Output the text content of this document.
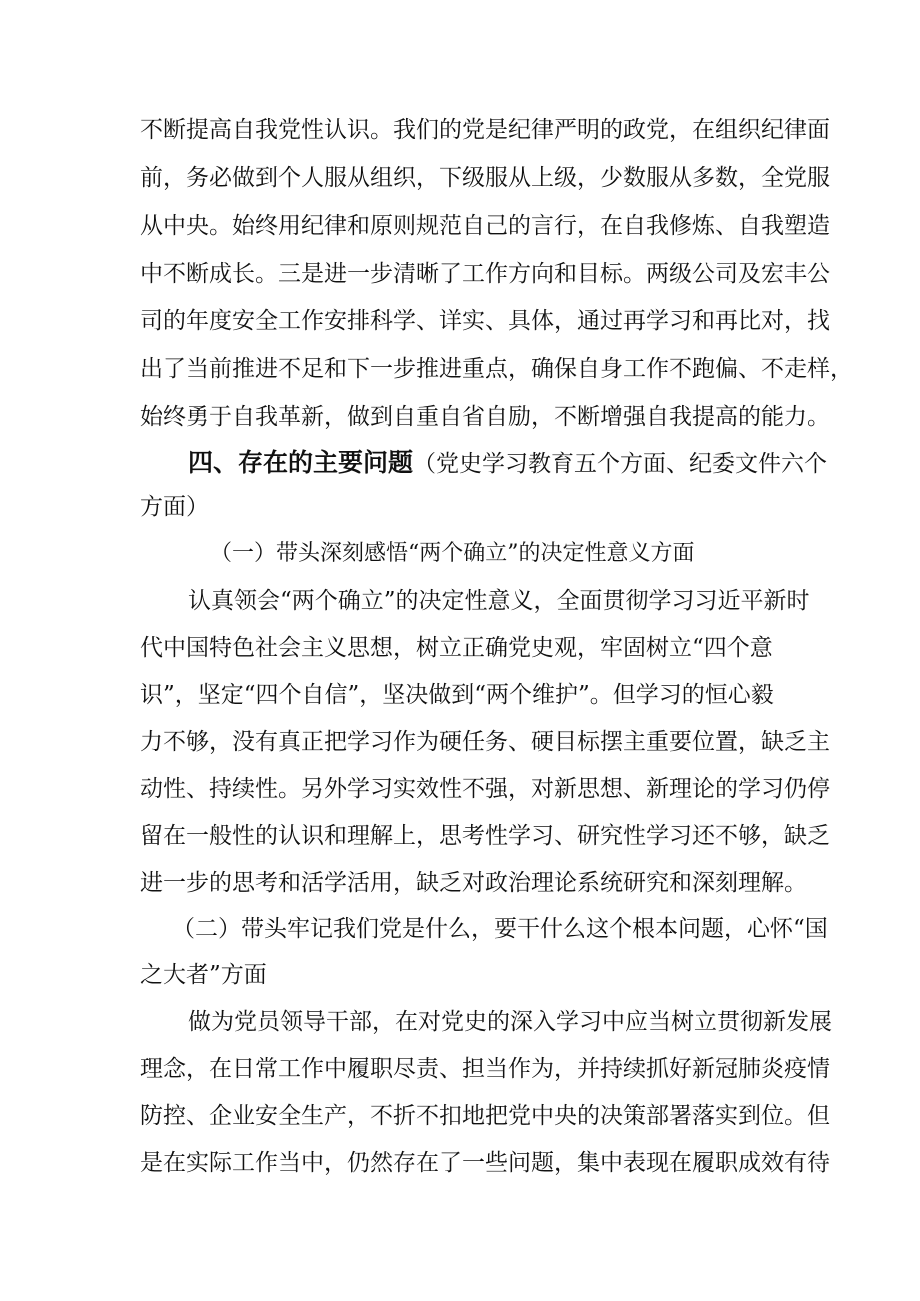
不断提高自我党性认识。我们的党是纪律严明的政党，在组织纪律面
前，务必做到个人服从组织，下级服从上级，少数服从多数，全党服
从中央。始终用纪律和原则规范自己的言行，在自我修炼、自我塑造
中不断成长。三是进一步清晰了工作方向和目标。两级公司及宏丰公
司的年度安全工作安排科学、详实、具体，通过再学习和再比对，找
出了当前推进不足和下一步推进重点，确保自身工作不跑偏、不走样，
始终勇于自我革新，做到自重自省自励，不断增强自我提高的能力。
四、存在的主要问题（党史学习教育五个方面、纪委文件六个
方面）
（一）带头深刻感悟“两个确立”的决定性意义方面
认真领会“两个确立”的决定性意义，全面贯彻学习习近平新时
代中国特色社会主义思想，树立正确党史观，牢固树立“四个意
识”，坚定“四个自信”，坚决做到“两个维护”。但学习的恒心毅
力不够，没有真正把学习作为硬任务、硬目标摆主重要位置，缺乏主
动性、持续性。另外学习实效性不强，对新思想、新理论的学习仍停
留在一般性的认识和理解上，思考性学习、研究性学习还不够，缺乏
进一步的思考和活学活用，缺乏对政治理论系统研究和深刻理解。
（二）带头牢记我们党是什么，要干什么这个根本问题，心怀“国
之大者”方面
做为党员领导干部，在对党史的深入学习中应当树立贯彻新发展
理念，在日常工作中履职尽责、担当作为，并持续抓好新冠肺炎疫情
防控、企业安全生产，不折不扣地把党中央的决策部署落实到位。但
是在实际工作当中，仍然存在了一些问题，集中表现在履职成效有待
